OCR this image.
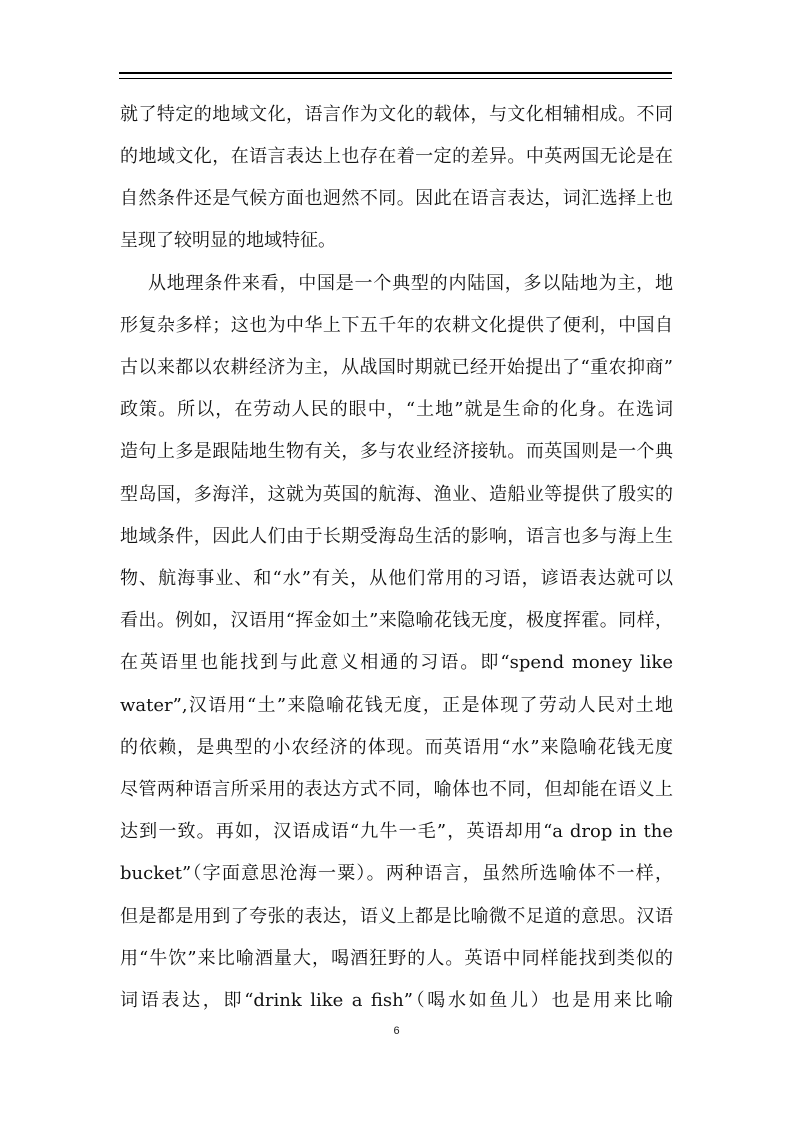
就了特定的地域文化，语言作为文化的载体，与文化相辅相成。不同
的地域文化，在语言表达上也存在着一定的差异。中英两国无论是在
自然条件还是气候方面也迥然不同。因此在语言表达，词汇选择上也
呈现了较明显的地域特征。
从地理条件来看，中国是一个典型的内陆国，多以陆地为主，地
形复杂多样；这也为中华上下五千年的农耕文化提供了便利，中国自
古以来都以农耕经济为主，从战国时期就已经开始提出了“重农抑商”
政策。所以，在劳动人民的眼中，“土地”就是生命的化身。在选词
造句上多是跟陆地生物有关，多与农业经济接轨。而英国则是一个典
型岛国，多海洋，这就为英国的航海、渔业、造船业等提供了殷实的
地域条件，因此人们由于长期受海岛生活的影响，语言也多与海上生
物、航海事业、和“水”有关，从他们常用的习语，谚语表达就可以
看出。例如，汉语用“挥金如土”来隐喻花钱无度，极度挥霍。同样，
在英语里也能找到与此意义相通的习语。即“spend money like
water”,汉语用“土”来隐喻花钱无度，正是体现了劳动人民对土地
的依赖，是典型的小农经济的体现。而英语用“水”来隐喻花钱无度
尽管两种语言所采用的表达方式不同，喻体也不同，但却能在语义上
达到一致。再如，汉语成语“九牛一毛”，英语却用“a drop in the
bucket”（字面意思沧海一粟）。两种语言，虽然所选喻体不一样，
但是都是用到了夸张的表达，语义上都是比喻微不足道的意思。汉语
用“牛饮”来比喻酒量大，喝酒狂野的人。英语中同样能找到类似的
词语表达，即“drink like a fish”（喝水如鱼儿）也是用来比喻
6
